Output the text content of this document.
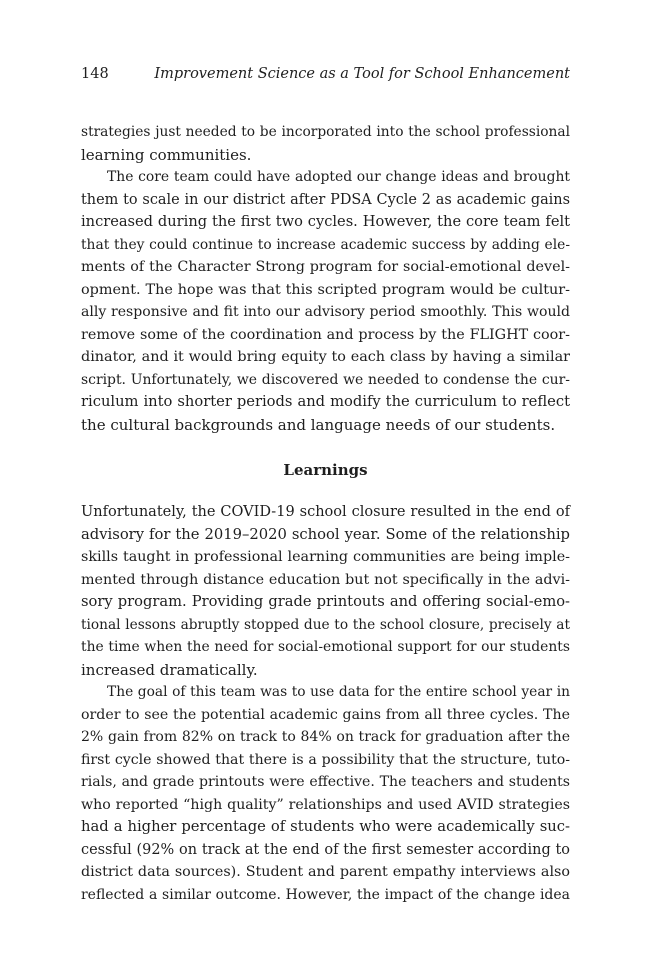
148	Improvement Science as a Tool for School Enhancement
strategies just needed to be incorporated into the school professional
learning communities.
The core team could have adopted our change ideas and brought
them to scale in our district after PDSA Cycle 2 as academic gains
increased during the first two cycles. However, the core team felt
that they could continue to increase academic success by adding ele-
ments of the Character Strong program for social-emotional devel-
opment. The hope was that this scripted program would be cultur-
ally responsive and fit into our advisory period smoothly. This would
remove some of the coordination and process by the FLIGHT coor-
dinator, and it would bring equity to each class by having a similar
script. Unfortunately, we discovered we needed to condense the cur-
riculum into shorter periods and modify the curriculum to reflect
the cultural backgrounds and language needs of our students.
Learnings
Unfortunately, the COVID-19 school closure resulted in the end of
advisory for the 2019–2020 school year. Some of the relationship
skills taught in professional learning communities are being imple-
mented through distance education but not specifically in the advi-
sory program. Providing grade printouts and offering social-emo-
tional lessons abruptly stopped due to the school closure, precisely at
the time when the need for social-emotional support for our students
increased dramatically.
The goal of this team was to use data for the entire school year in
order to see the potential academic gains from all three cycles. The
2% gain from 82% on track to 84% on track for graduation after the
first cycle showed that there is a possibility that the structure, tuto-
rials, and grade printouts were effective. The teachers and students
who reported “high quality” relationships and used AVID strategies
had a higher percentage of students who were academically suc-
cessful (92% on track at the end of the first semester according to
district data sources). Student and parent empathy interviews also
reflected a similar outcome. However, the impact of the change idea
